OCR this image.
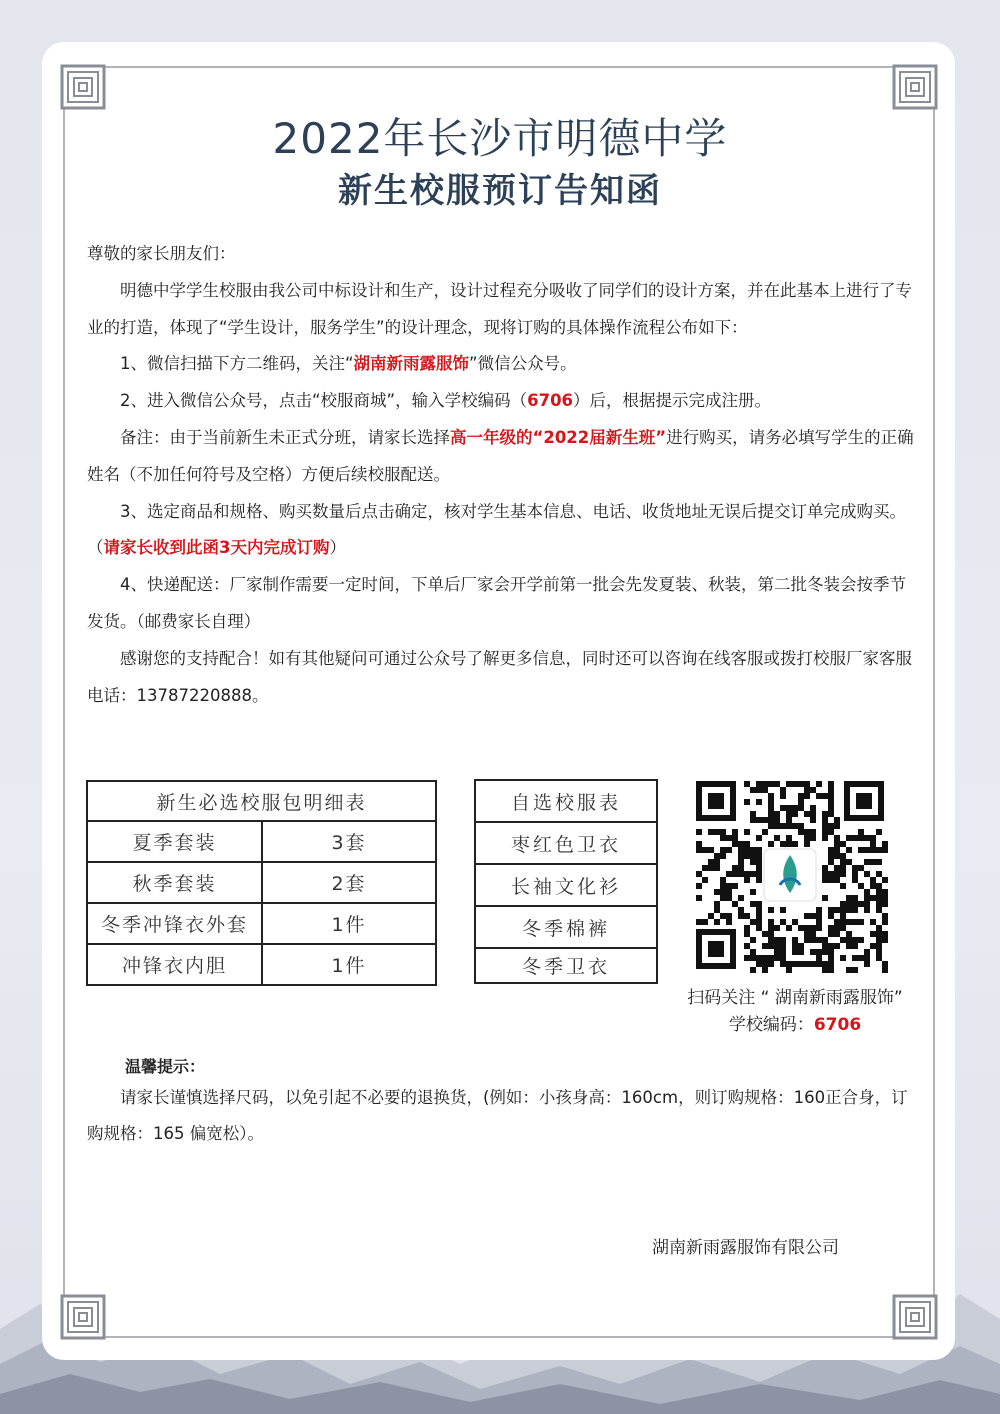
2022年长沙市明德中学
新生校服预订告知函

尊敬的家长朋友们：

明德中学学生校服由我公司中标设计和生产，设计过程充分吸收了同学们的设计方案，并在此基本上进行了专业的打造，体现了“学生设计，服务学生”的设计理念，现将订购的具体操作流程公布如下：

1、微信扫描下方二维码，关注“湖南新雨露服饰”微信公众号。

2、进入微信公众号，点击“校服商城”，输入学校编码（6706）后，根据提示完成注册。

备注：由于当前新生未正式分班，请家长选择高一年级的“2022届新生班”进行购买，请务必填写学生的正确姓名（不加任何符号及空格）方便后续校服配送。

3、选定商品和规格、购买数量后点击确定，核对学生基本信息、电话、收货地址无误后提交订单完成购买。（请家长收到此函3天内完成订购）

4、快递配送：厂家制作需要一定时间，下单后厂家会开学前第一批会先发夏装、秋装，第二批冬装会按季节发货。（邮费家长自理）

感谢您的支持配合！如有其他疑问可通过公众号了解更多信息，同时还可以咨询在线客服或拨打校服厂家客服电话：13787220888。

新生必选校服包明细表	
夏季套装	3套
秋季套装	2套
冬季冲锋衣外套	1件
冲锋衣内胆	1件
自选校服表
枣红色卫衣
长袖文化衫
冬季棉裤
冬季卫衣
扫码关注 “ 湖南新雨露服饰”
学校编码：6706
温馨提示：

请家长谨慎选择尺码，以免引起不必要的退换货，(例如：小孩身高：160cm，则订购规格：160正合身，订购规格：165 偏宽松）。

湖南新雨露服饰有限公司
